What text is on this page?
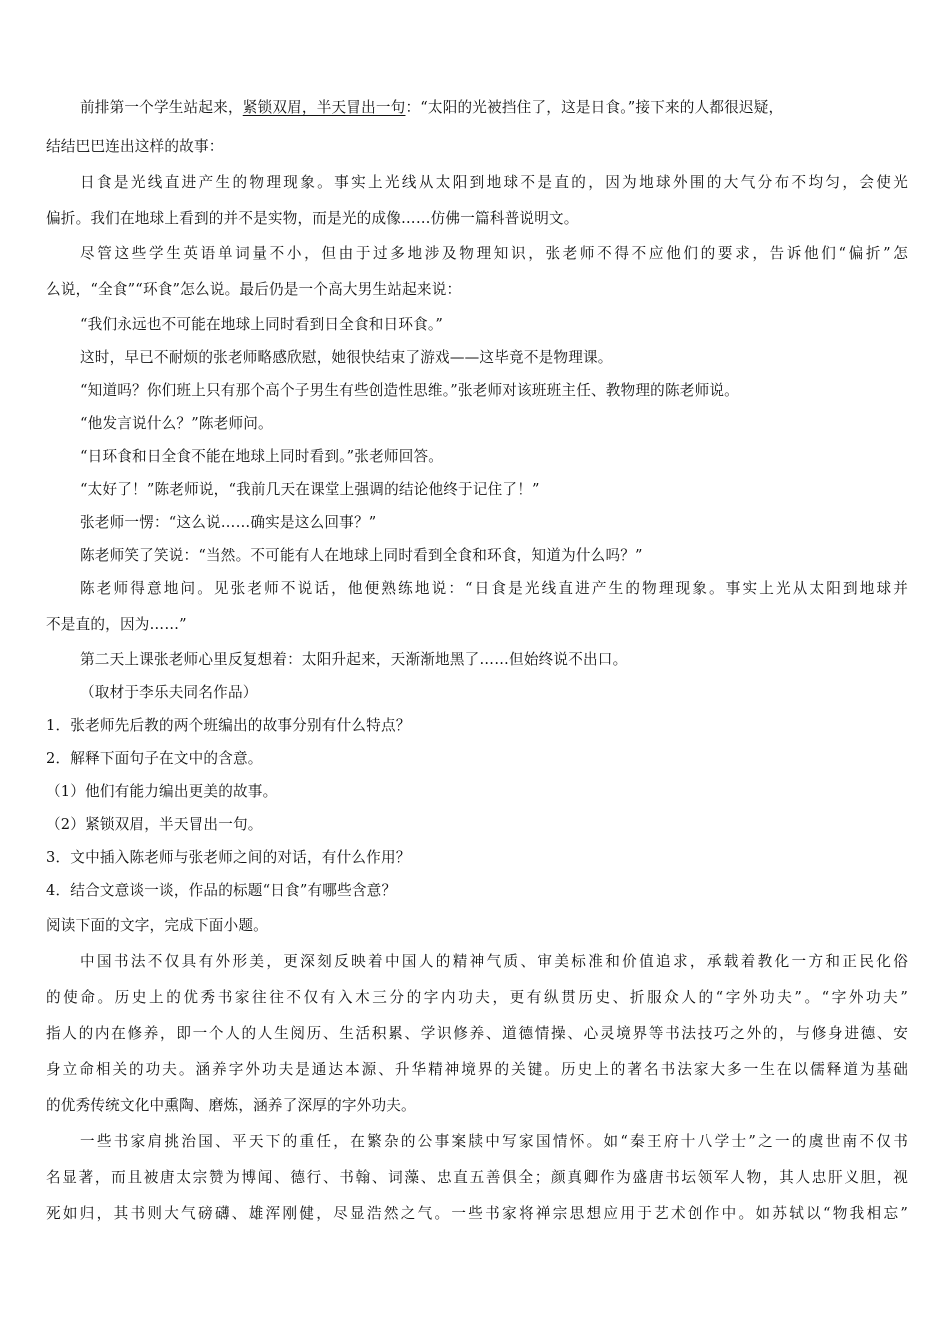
前排第一个学生站起来，紧锁双眉，半天冒出一句：“太阳的光被挡住了，这是日食。”接下来的人都很迟疑，
结结巴巴连出这样的故事：
日食是光线直进产生的物理现象。事实上光线从太阳到地球不是直的，因为地球外围的大气分布不均匀，会使光
偏折。我们在地球上看到的并不是实物，而是光的成像……仿佛一篇科普说明文。
尽管这些学生英语单词量不小，但由于过多地涉及物理知识，张老师不得不应他们的要求，告诉他们“偏折”怎
么说，“全食”“环食”怎么说。最后仍是一个高大男生站起来说：
“我们永远也不可能在地球上同时看到日全食和日环食。”
这时，早已不耐烦的张老师略感欣慰，她很快结束了游戏——这毕竟不是物理课。
“知道吗？你们班上只有那个高个子男生有些创造性思维。”张老师对该班班主任、教物理的陈老师说。
“他发言说什么？”陈老师问。
“日环食和日全食不能在地球上同时看到。”张老师回答。
“太好了！”陈老师说，“我前几天在课堂上强调的结论他终于记住了！”
张老师一愣：“这么说……确实是这么回事？”
陈老师笑了笑说：“当然。不可能有人在地球上同时看到全食和环食，知道为什么吗？”
陈老师得意地问。见张老师不说话，他便熟练地说：“日食是光线直进产生的物理现象。事实上光从太阳到地球并
不是直的，因为……”
第二天上课张老师心里反复想着：太阳升起来，天渐渐地黑了……但始终说不出口。
（取材于李乐夫同名作品）
1．张老师先后教的两个班编出的故事分别有什么特点？
2．解释下面句子在文中的含意。
（1）他们有能力编出更美的故事。
（2）紧锁双眉，半天冒出一句。
3．文中插入陈老师与张老师之间的对话，有什么作用？
4．结合文意谈一谈，作品的标题“日食”有哪些含意？
阅读下面的文字，完成下面小题。
中国书法不仅具有外形美，更深刻反映着中国人的精神气质、审美标准和价值追求，承载着教化一方和正民化俗
的使命。历史上的优秀书家往往不仅有入木三分的字内功夫，更有纵贯历史、折服众人的“字外功夫”。“字外功夫”
指人的内在修养，即一个人的人生阅历、生活积累、学识修养、道德情操、心灵境界等书法技巧之外的，与修身进德、安
身立命相关的功夫。涵养字外功夫是通达本源、升华精神境界的关键。历史上的著名书法家大多一生在以儒释道为基础
的优秀传统文化中熏陶、磨炼，涵养了深厚的字外功夫。
一些书家肩挑治国、平天下的重任，在繁杂的公事案牍中写家国情怀。如“秦王府十八学士”之一的虞世南不仅书
名显著，而且被唐太宗赞为博闻、德行、书翰、词藻、忠直五善俱全；颜真卿作为盛唐书坛领军人物，其人忠肝义胆，视
死如归，其书则大气磅礴、雄浑刚健，尽显浩然之气。一些书家将禅宗思想应用于艺术创作中。如苏轼以“物我相忘”
